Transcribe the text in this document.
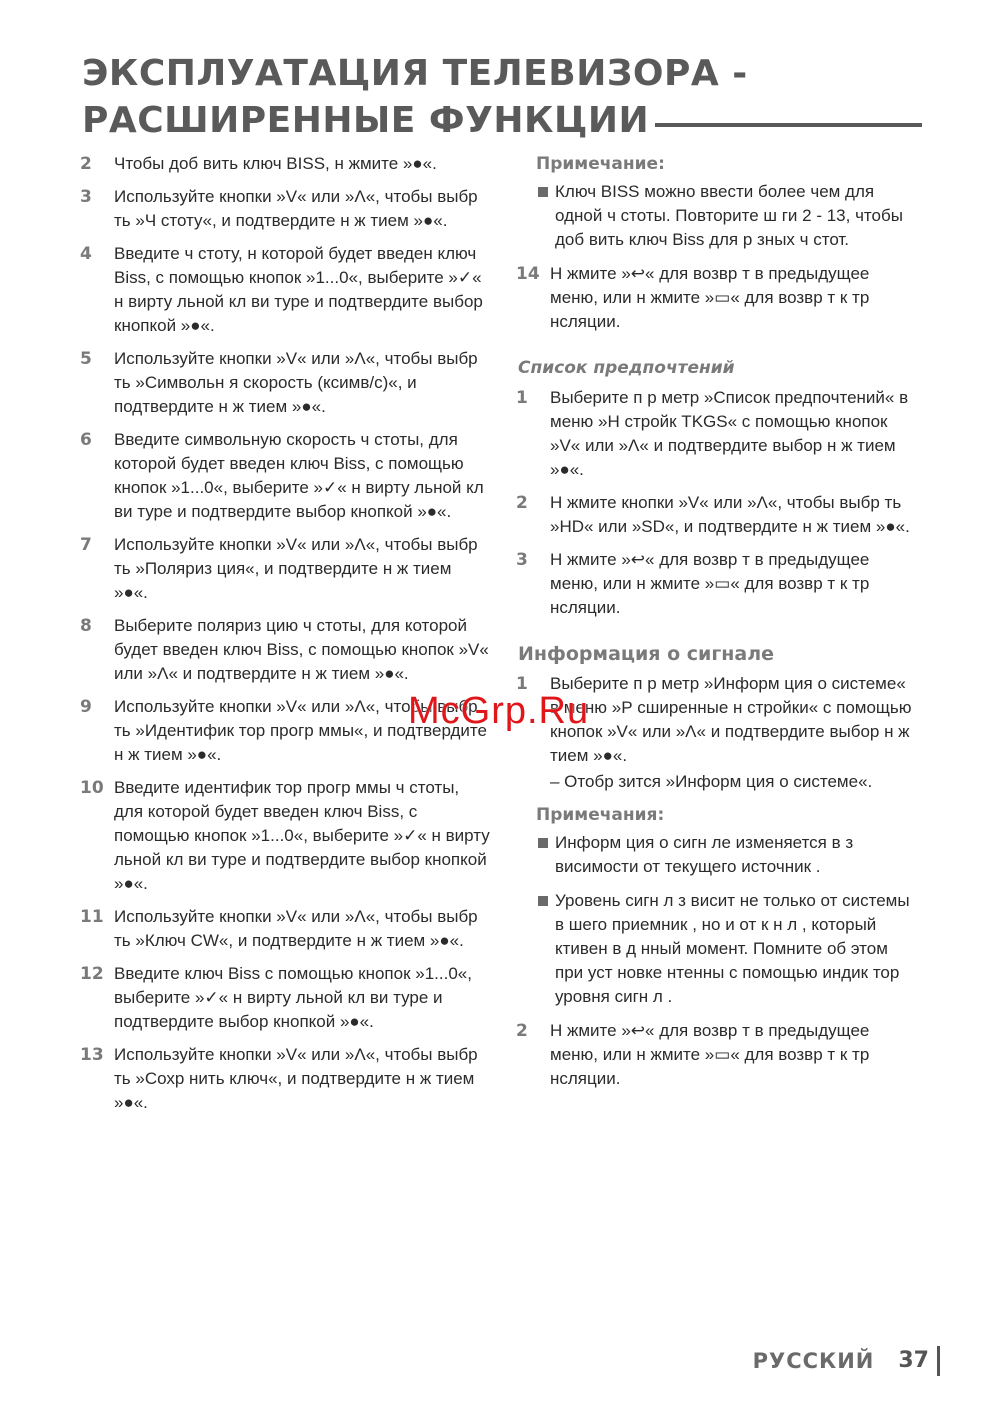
ЭКСПЛУАТАЦИЯ ТЕЛЕВИЗОРА -
РАСШИРЕННЫЕ ФУНКЦИИ
2	Чтобы доб вить ключ BISS, н жмите »●«.
3	Используйте кнопки »V« или »Λ«, чтобы выбр ть »Ч стоту«, и подтвердите н ж тием »●«.
4	Введите ч стоту, н которой будет введен ключ Biss, с помощью кнопок »1...0«, выберите »✓« н вирту льной кл ви туре и подтвердите выбор кнопкой »●«.
5	Используйте кнопки »V« или »Λ«, чтобы выбр ть »Символьн я скорость (ксимв/с)«, и подтвердите н ж тием »●«.
6	Введите символьную скорость ч стоты, для которой будет введен ключ Biss, с помощью кнопок »1...0«, выберите »✓« н вирту льной кл ви туре и подтвердите выбор кнопкой »●«.
7	Используйте кнопки »V« или »Λ«, чтобы выбр ть »Поляриз ция«, и подтвердите н ж тием »●«.
8	Выберите поляриз цию ч стоты, для которой будет введен ключ Biss, с помощью кнопок »V« или »Λ« и подтвердите н ж тием »●«.
9	Используйте кнопки »V« или »Λ«, чтобы выбр ть »Идентифик тор прогр ммы«, и подтвердите н ж тием »●«.
10 Введите идентифик тор прогр ммы ч стоты, для которой будет введен ключ Biss, с помощью кнопок »1...0«, выберите »✓« н вирту льной кл ви туре и подтвердите выбор кнопкой »●«.
11 Используйте кнопки »V« или »Λ«, чтобы выбр ть »Ключ CW«, и подтвердите н ж тием »●«.
12 Введите ключ Biss с помощью кнопок »1...0«, выберите »✓« н вирту льной кл ви туре и подтвердите выбор кнопкой »●«.
13 Используйте кнопки »V« или »Λ«, чтобы выбр ть »Сохр нить ключ«, и подтвердите н ж тием »●«.
Примечание:
Ключ BISS можно ввести более чем для одной ч стоты. Повторите ш ги 2 - 13, чтобы доб вить ключ Biss для р зных ч стот.
14 Н жмите »↩« для возвр т в предыдущее меню, или н жмите »▭« для возвр т к тр нсляции.
Список предпочтений
1	Выберите п р метр »Список предпочтений« в меню »Н стройк TKGS« с помощью кнопок »V« или »Λ« и подтвердите выбор н ж тием »●«.
2	Н жмите кнопки »V« или »Λ«, чтобы выбр ть »HD« или »SD«, и подтвердите н ж тием »●«.
3	Н жмите »↩« для возвр т в предыдущее меню, или н жмите »▭« для возвр т к тр нсляции.
Информация о сигнале
1	Выберите п р метр »Информ ция о системе« в меню »Р сширенные н стройки« с помощью кнопок »V« или »Λ« и подтвердите выбор н ж тием »●«.
– Отобр зится »Информ ция о системе«.
Примечания:
Информ ция о сигн ле изменяется в з висимости от текущего источник .
Уровень сигн л з висит не только от системы в шего приемник , но и от к н л , который ктивен в д нный момент. Помните об этом при уст новке нтенны с помощью индик тор уровня сигн л .
2	Н жмите »↩« для возвр т в предыдущее меню, или н жмите »▭« для возвр т к тр нсляции.
McGrp.Ru
РУССКИЙ 37
